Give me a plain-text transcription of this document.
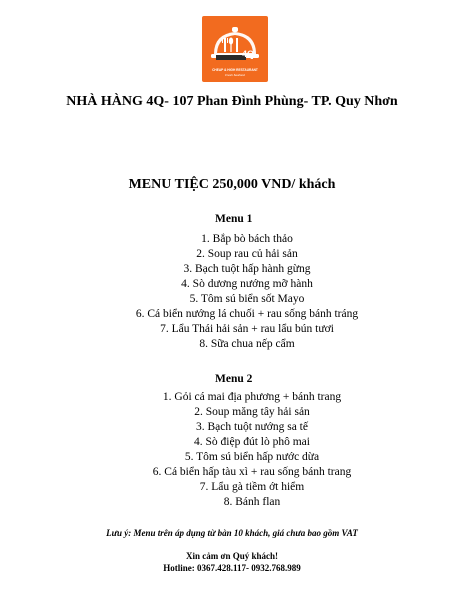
RESTAURANT
4Q
CHEAP & HIGH RESTAURANT
Fresh Seafood
NHÀ HÀNG 4Q- 107 Phan Đình Phùng- TP. Quy Nhơn
MENU TIỆC 250,000 VND/ khách
Menu 1
1. Bắp bò bách thảo
2. Soup rau củ hải sản
3. Bạch tuột hấp hành gừng
4. Sò dương nướng mỡ hành
5. Tôm sú biển sốt Mayo
6. Cá biển nướng lá chuối + rau sống bánh tráng
7. Lẩu Thái hải sản + rau lẩu bún tươi
8. Sữa chua nếp cẩm
Menu 2
1. Gỏi cá mai địa phương + bánh trang
2. Soup măng tây hải sản
3. Bạch tuột nướng sa tế
4. Sò điệp đút lò phô mai
5. Tôm sú biển hấp nước dừa
6. Cá biển hấp tàu xì + rau sống bánh trang
7. Lẩu gà tiềm ớt hiểm
8. Bánh flan
Lưu ý: Menu trên áp dụng từ bàn 10 khách, giá chưa bao gồm VAT
Xin cảm ơn Quý khách!
Hotline: 0367.428.117- 0932.768.989
